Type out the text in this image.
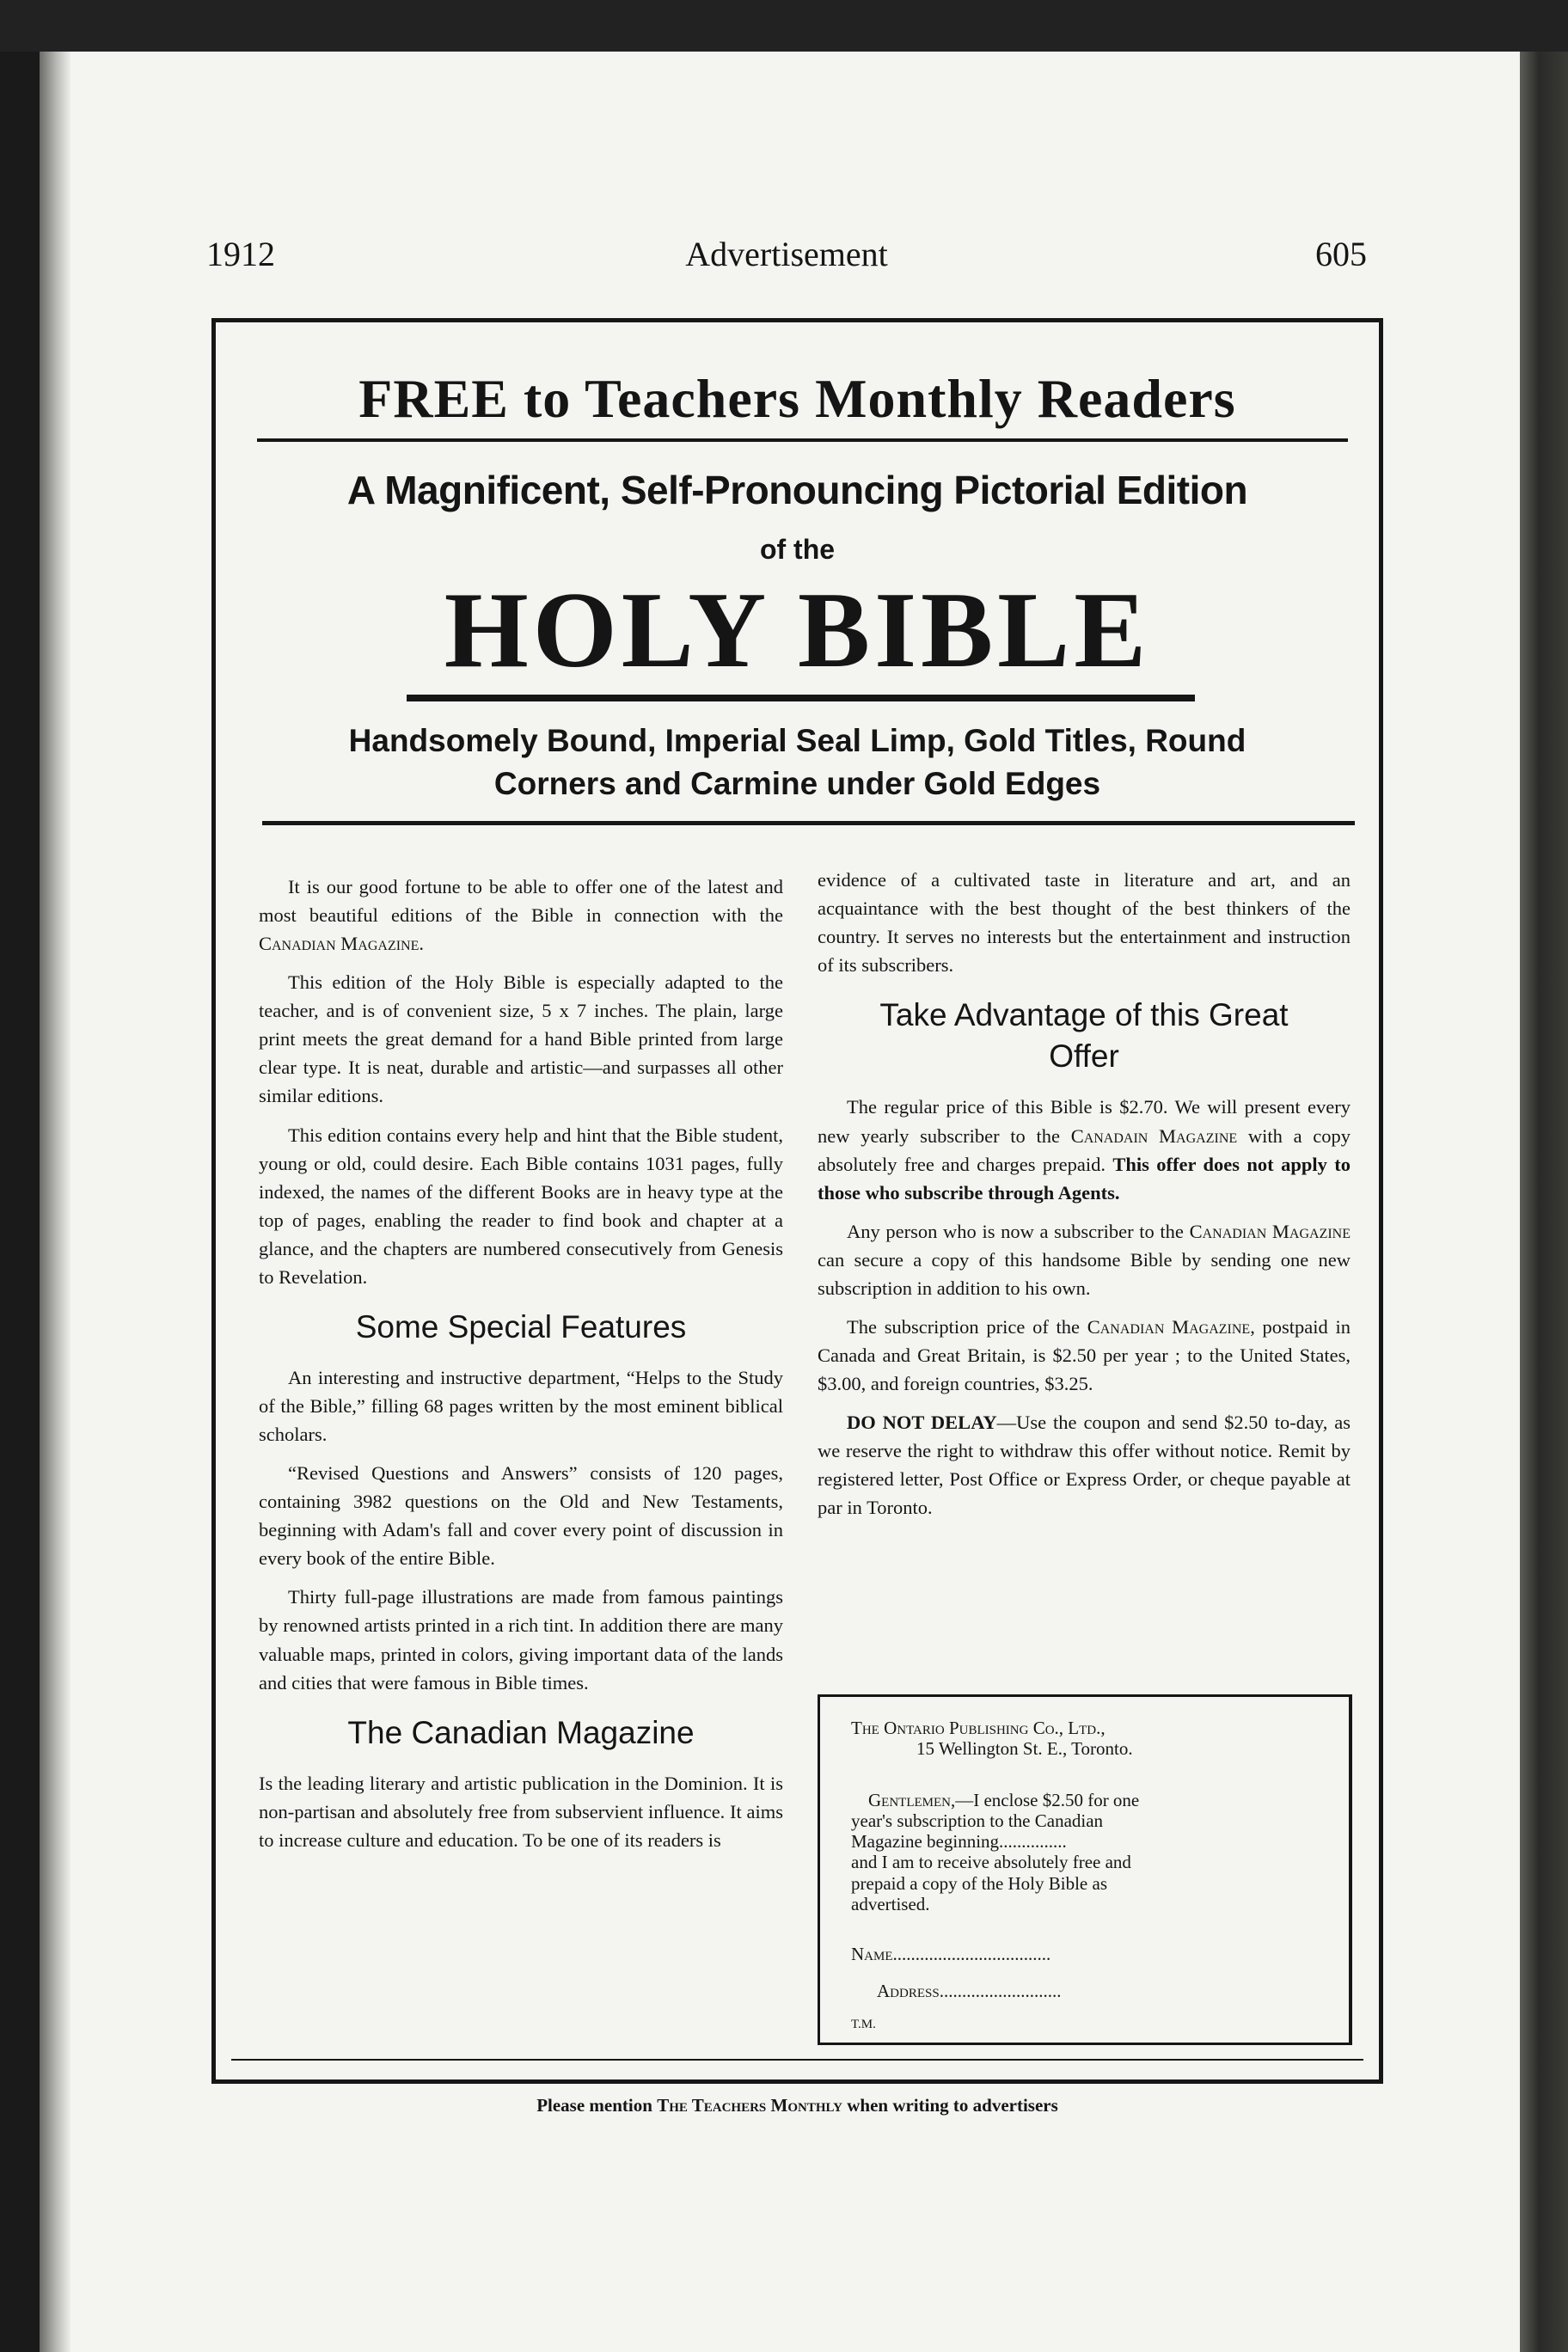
1912	Advertisement	605
FREE to Teachers Monthly Readers
A Magnificent, Self-Pronouncing Pictorial Edition
of the
HOLY BIBLE
Handsomely Bound, Imperial Seal Limp, Gold Titles, Round
Corners and Carmine under Gold Edges

It is our good fortune to be able to offer one of the latest and most beautiful editions of the Bible in connection with the Canadian Magazine.

This edition of the Holy Bible is especially adapted to the teacher, and is of convenient size, 5 x 7 inches. The plain, large print meets the great demand for a hand Bible printed from large clear type. It is neat, durable and artistic—and surpasses all other similar editions.

This edition contains every help and hint that the Bible student, young or old, could desire. Each Bible contains 1031 pages, fully indexed, the names of the different Books are in heavy type at the top of pages, enabling the reader to find book and chapter at a glance, and the chapters are numbered consecutively from Genesis to Revelation.

Some Special Features

An interesting and instructive department, “Helps to the Study of the Bible,” filling 68 pages written by the most eminent biblical scholars.

“Revised Questions and Answers” consists of 120 pages, containing 3982 questions on the Old and New Testaments, beginning with Adam's fall and cover every point of discussion in every book of the entire Bible.

Thirty full-page illustrations are made from famous paintings by renowned artists printed in a rich tint. In addition there are many valuable maps, printed in colors, giving important data of the lands and cities that were famous in Bible times.

The Canadian Magazine

Is the leading literary and artistic publication in the Dominion. It is non-partisan and absolutely free from subservient influence. It aims to increase culture and education. To be one of its readers is

evidence of a cultivated taste in literature and art, and an acquaintance with the best thought of the best thinkers of the country. It serves no interests but the entertainment and instruction of its subscribers.

Take Advantage of this Great Offer

The regular price of this Bible is $2.70. We will present every new yearly subscriber to the Canadain Magazine with a copy absolutely free and charges prepaid. This offer does not apply to those who subscribe through Agents.

Any person who is now a subscriber to the Canadian Magazine can secure a copy of this handsome Bible by sending one new subscription in addition to his own.

The subscription price of the Canadian Magazine, postpaid in Canada and Great Britain, is $2.50 per year ; to the United States, $3.00, and foreign countries, $3.25.

DO NOT DELAY—Use the coupon and send $2.50 to-day, as we reserve the right to withdraw this offer without notice. Remit by registered letter, Post Office or Express Order, or cheque payable at par in Toronto.

The Ontario Publishing Co., Ltd.,
15 Wellington St. E., Toronto.
Gentlemen,—I enclose $2.50 for one
year's subscription to the Canadian
Magazine beginning...............
and I am to receive absolutely free and
prepaid a copy of the Holy Bible as
advertised.
Name...................................
Address...........................
T.M.
Please mention The Teachers Monthly when writing to advertisers
